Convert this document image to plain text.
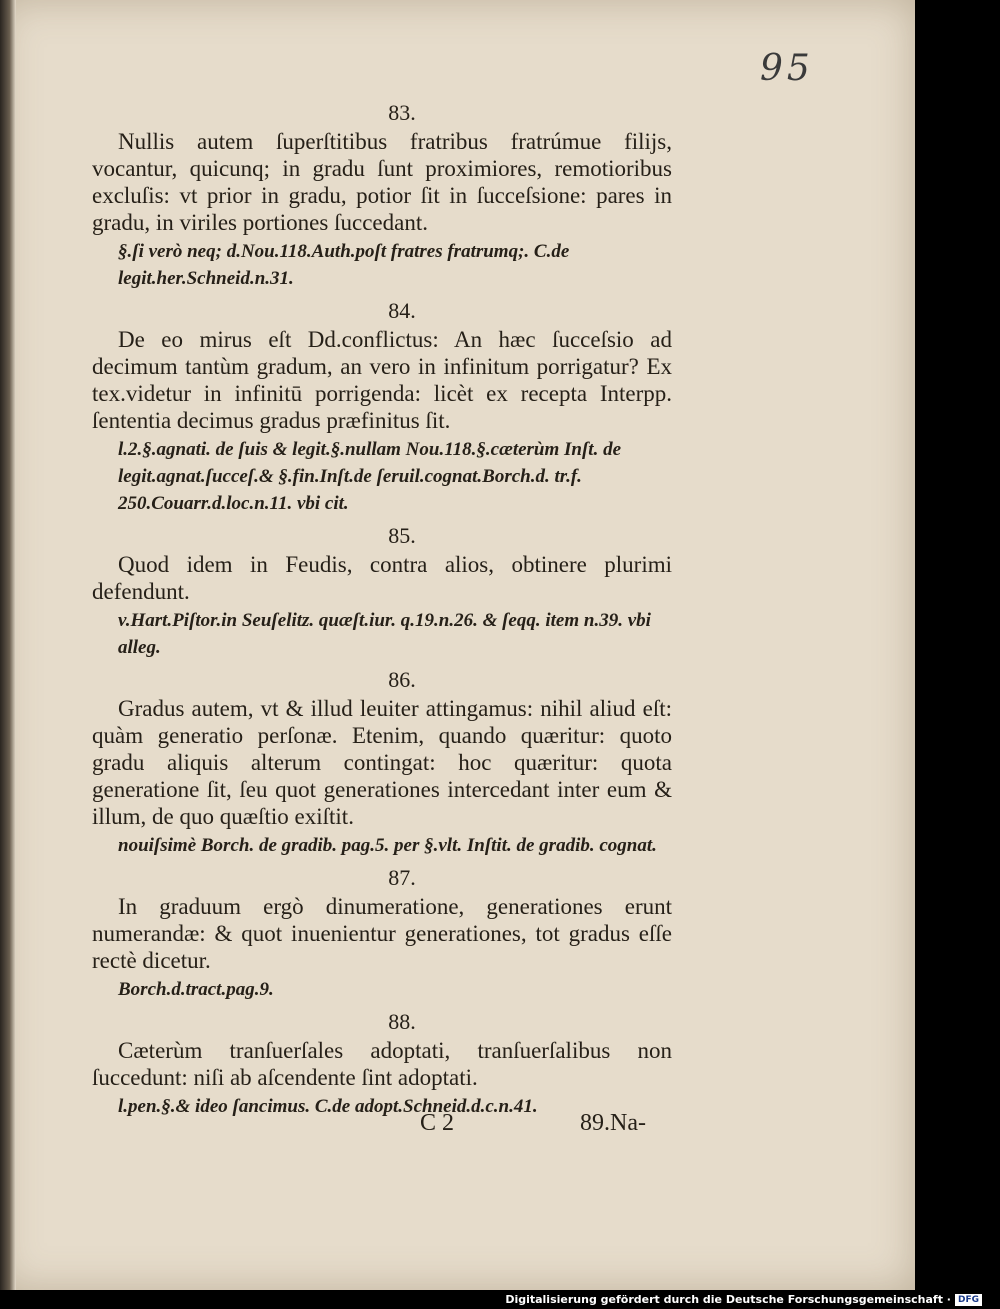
95

83.

Nullis autem ſuperſtitibus fratribus fratrúmue filijs, vocantur, quicunq; in gradu ſunt proximiores, remotioribus excluſis: vt prior in gradu, potior ſit in ſucceſsione: pares in gradu, in viriles portiones ſuccedant.

§.ſi verò neq; d.Nou.118.Auth.poſt fratres fratrumq;. C.de legit.her.Schneid.n.31.

84.

De eo mirus eſt Dd.conflictus: An hæc ſucceſsio ad decimum tantùm gradum, an vero in infinitum porrigatur? Ex tex.videtur in infinitū porrigenda: licèt ex recepta Interpp. ſententia decimus gradus præfinitus ſit.

l.2.§.agnati. de ſuis & legit.§.nullam Nou.118.§.cæterùm Inſt. de legit.agnat.ſucceſ.& §.fin.Inſt.de ſeruil.cognat.Borch.d. tr.f. 250.Couarr.d.loc.n.11. vbi cit.

85.

Quod idem in Feudis, contra alios, obtinere plurimi defendunt.

v.Hart.Piſtor.in Seuſelitz. quæſt.iur. q.19.n.26. & ſeqq. item n.39. vbi alleg.

86.

Gradus autem, vt & illud leuiter attingamus: nihil aliud eſt: quàm generatio perſonæ. Etenim, quando quæritur: quoto gradu aliquis alterum contingat: hoc quæritur: quota generatione ſit, ſeu quot generationes intercedant inter eum & illum, de quo quæſtio exiſtit.

nouiſsimè Borch. de gradib. pag.5. per §.vlt. Inſtit. de gradib. cognat.

87.

In graduum ergò dinumeratione, generationes erunt numerandæ: & quot inuenientur generationes, tot gradus eſſe rectè dicetur.

Borch.d.tract.pag.9.

88.

Cæterùm tranſuerſales adoptati, tranſuerſalibus non ſuccedunt: niſi ab aſcendente ſint adoptati.

l.pen.§.& ideo ſancimus. C.de adopt.Schneid.d.c.n.41.

C 2	89.Na-
Digitalisierung gefördert durch die Deutsche Forschungsgemeinschaft · DFG
